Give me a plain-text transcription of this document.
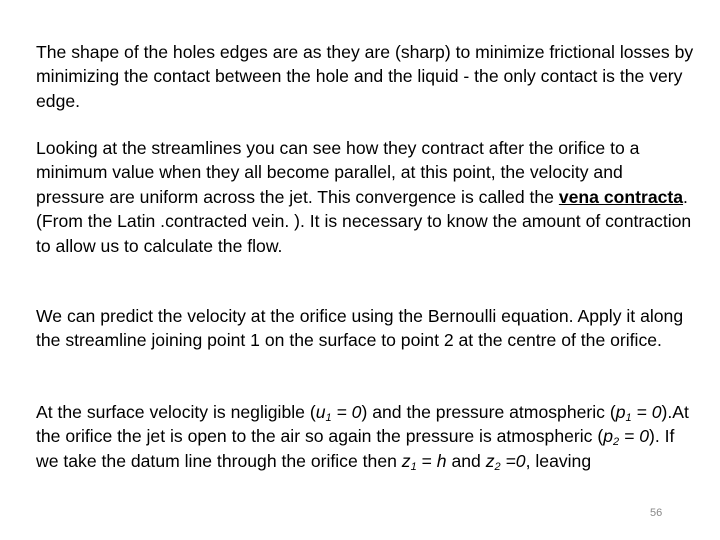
The shape of the holes edges are as they are (sharp) to minimize frictional losses by minimizing the contact between the hole and the liquid - the only contact is the very edge.

Looking at the streamlines you can see how they contract after the orifice to a minimum value when they all become parallel, at this point, the velocity and pressure are uniform across the jet. This convergence is called the vena contracta. (From the Latin .contracted vein. ). It is necessary to know the amount of contraction to allow us to calculate the flow.

We can predict the velocity at the orifice using the Bernoulli equation. Apply it along the streamline joining point 1 on the surface to point 2 at the centre of the orifice.

At the surface velocity is negligible $(u_1 = 0)$ and the pressure atmospheric $(p_1 = 0).At$ the orifice the jet is open to the air so again the pressure is atmospheric $(p_2 = 0)$. If we take the datum line through the orifice then $z_1 = h$ and $z_2 =0$, leaving

56
